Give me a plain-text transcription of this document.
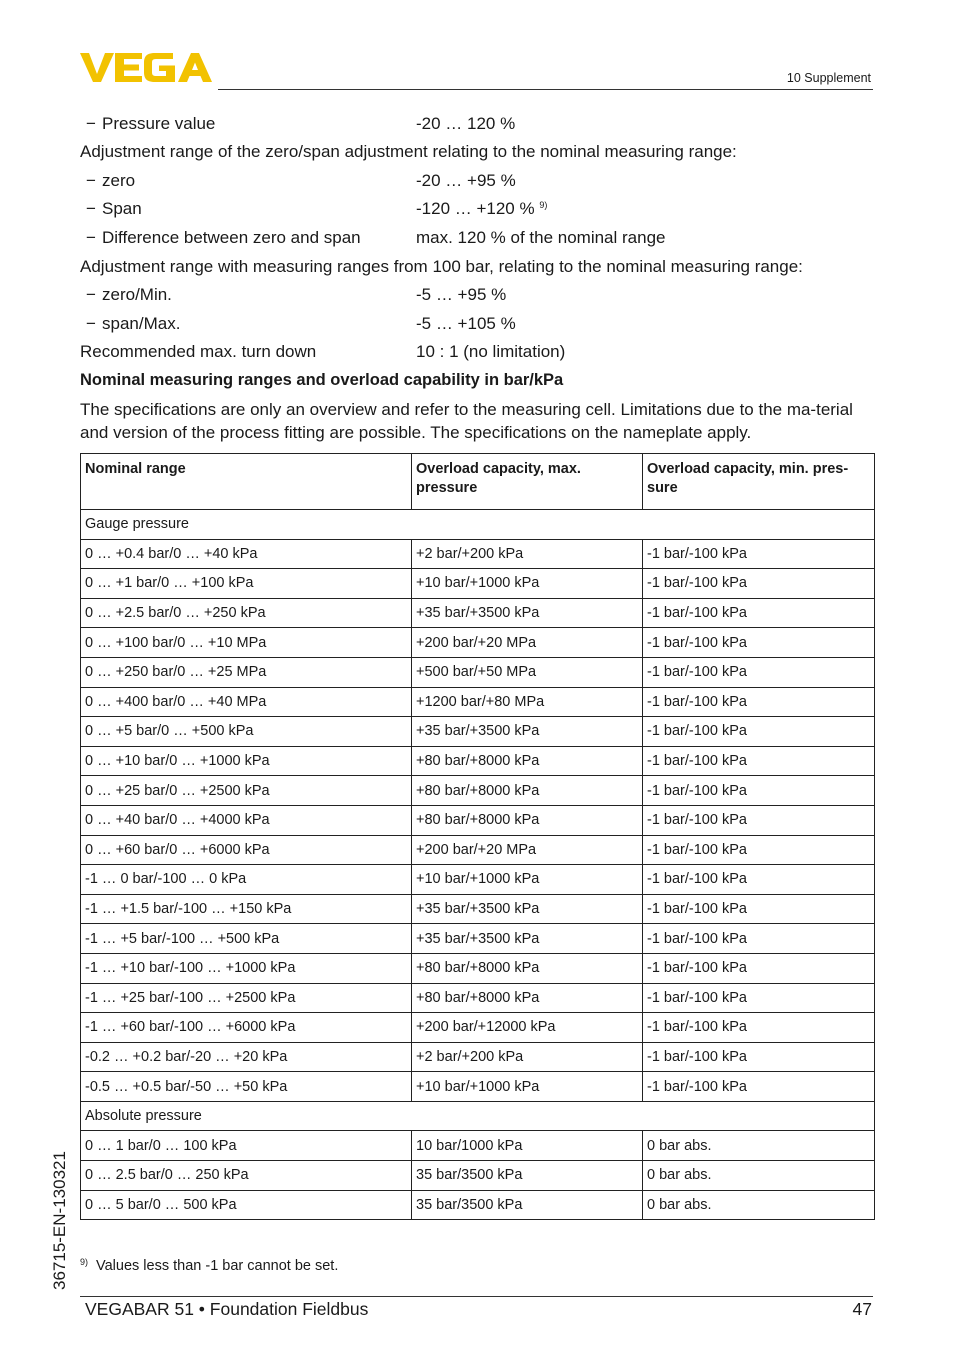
10 Supplement
− Pressure value	-20 … 120 %
Adjustment range of the zero/span adjustment relating to the nominal measuring range:
− zero	-20 … +95 %
− Span	-120 … +120 % $^{9)}$
− Difference between zero and span	max. 120 % of the nominal range
Adjustment range with measuring ranges from 100 bar, relating to the nominal measuring range:
− zero/Min.	-5 … +95 %
− span/Max.	-5 … +105 %
Recommended max. turn down	10 : 1 (no limitation)
Nominal measuring ranges and overload capability in bar/kPa
The specifications are only an overview and refer to the measuring cell. Limitations due to the ma-terial and version of the process fitting are possible. The specifications on the nameplate apply.
Nominal range	Overload capacity, max. pressure	Overload capacity, min. pres-sure
Gauge pressure		
0 … +0.4 bar/0 … +40 kPa	+2 bar/+200 kPa	-1 bar/-100 kPa
0 … +1 bar/0 … +100 kPa	+10 bar/+1000 kPa	-1 bar/-100 kPa
0 … +2.5 bar/0 … +250 kPa	+35 bar/+3500 kPa	-1 bar/-100 kPa
0 … +100 bar/0 … +10 MPa	+200 bar/+20 MPa	-1 bar/-100 kPa
0 … +250 bar/0 … +25 MPa	+500 bar/+50 MPa	-1 bar/-100 kPa
0 … +400 bar/0 … +40 MPa	+1200 bar/+80 MPa	-1 bar/-100 kPa
0 … +5 bar/0 … +500 kPa	+35 bar/+3500 kPa	-1 bar/-100 kPa
0 … +10 bar/0 … +1000 kPa	+80 bar/+8000 kPa	-1 bar/-100 kPa
0 … +25 bar/0 … +2500 kPa	+80 bar/+8000 kPa	-1 bar/-100 kPa
0 … +40 bar/0 … +4000 kPa	+80 bar/+8000 kPa	-1 bar/-100 kPa
0 … +60 bar/0 … +6000 kPa	+200 bar/+20 MPa	-1 bar/-100 kPa
-1 … 0 bar/-100 … 0 kPa	+10 bar/+1000 kPa	-1 bar/-100 kPa
-1 … +1.5 bar/-100 … +150 kPa	+35 bar/+3500 kPa	-1 bar/-100 kPa
-1 … +5 bar/-100 … +500 kPa	+35 bar/+3500 kPa	-1 bar/-100 kPa
-1 … +10 bar/-100 … +1000 kPa	+80 bar/+8000 kPa	-1 bar/-100 kPa
-1 … +25 bar/-100 … +2500 kPa	+80 bar/+8000 kPa	-1 bar/-100 kPa
-1 … +60 bar/-100 … +6000 kPa	+200 bar/+12000 kPa	-1 bar/-100 kPa
-0.2 … +0.2 bar/-20 … +20 kPa	+2 bar/+200 kPa	-1 bar/-100 kPa
-0.5 … +0.5 bar/-50 … +50 kPa	+10 bar/+1000 kPa	-1 bar/-100 kPa
Absolute pressure		
0 … 1 bar/0 … 100 kPa	10 bar/1000 kPa	0 bar abs.
0 … 2.5 bar/0 … 250 kPa	35 bar/3500 kPa	0 bar abs.
0 … 5 bar/0 … 500 kPa	35 bar/3500 kPa	0 bar abs.
$^{9)}$ Values less than -1 bar cannot be set.
36715-EN-130321
VEGABAR 51 • Foundation Fieldbus	47
